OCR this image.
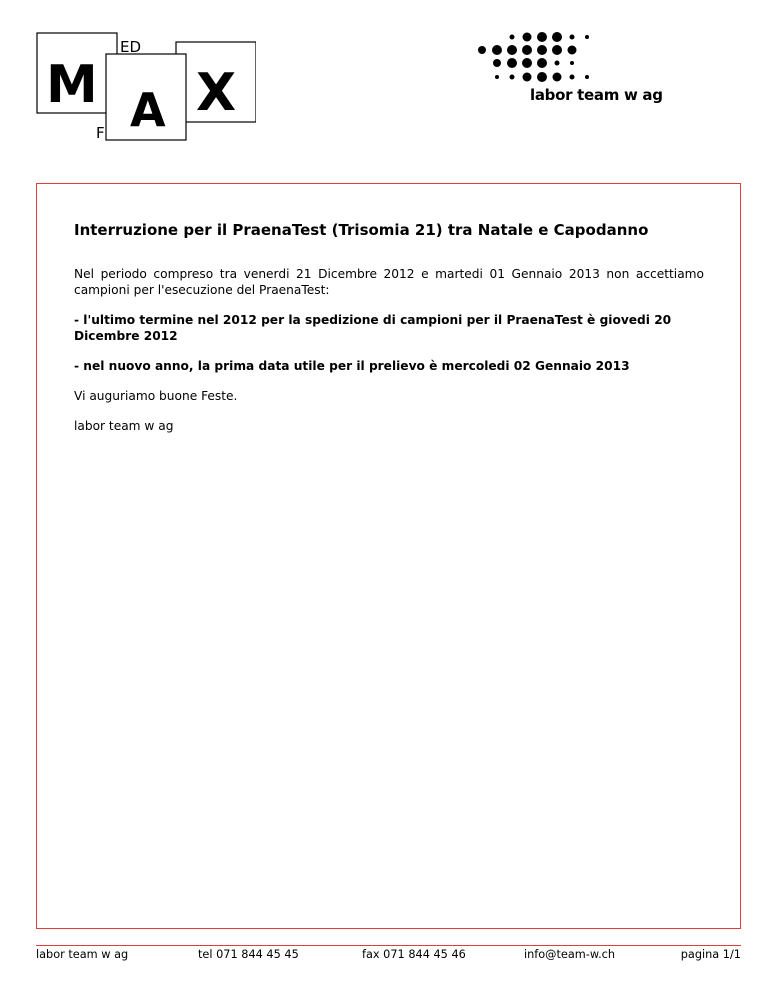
ED
M A X
F
labor team w ag
Interruzione per il PraenaTest (Trisomia 21) tra Natale e Capodanno

Nel periodo compreso tra venerdi 21 Dicembre 2012 e martedi 01 Gennaio 2013 non accettiamo campioni per l'esecuzione del PraenaTest:

- l'ultimo termine nel 2012 per la spedizione di campioni per il PraenaTest è giovedi 20 Dicembre 2012

- nel nuovo anno, la prima data utile per il prelievo è mercoledi 02 Gennaio 2013

Vi auguriamo buone Feste.

labor team w ag

labor team w ag	tel 071 844 45 45	fax 071 844 45 46	info@team-w.ch	pagina 1/1
